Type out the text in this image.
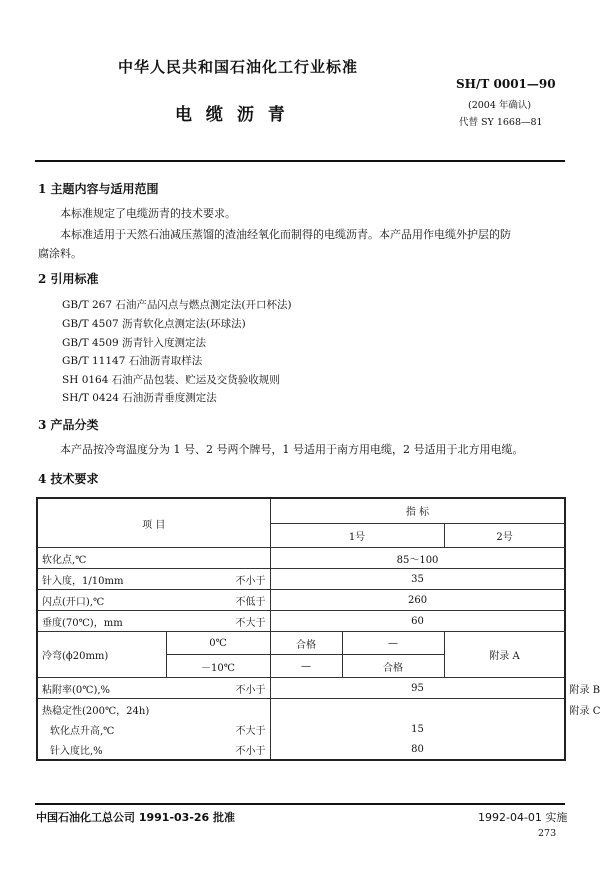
中华人民共和国石油化工行业标准
SH/T 0001—90
电 缆 沥 青	(2004 年确认)
代替 SY 1668—81
1 主题内容与适用范围
本标准规定了电缆沥青的技术要求。
本标准适用于天然石油减压蒸馏的渣油经氧化而制得的电缆沥青。本产品用作电缆外护层的防
腐涂料。
2 引用标准
GB/T 267 石油产品闪点与燃点测定法(开口杯法)
GB/T 4507 沥青软化点测定法(环球法)
GB/T 4509 沥青针入度测定法
GB/T 11147 石油沥青取样法
SH 0164 石油产品包装、贮运及交货验收规则
SH/T 0424 石油沥青垂度测定法
3 产品分类
本产品按冷弯温度分为 1 号、2 号两个牌号，1 号适用于南方用电缆，2 号适用于北方用电缆。
4 技术要求
项 目		指 标			
		1号		2号	
软化点,℃		85～100			
针入度，1/10mm 不小于		35			
闪点(开口),℃ 不低于		260			
垂度(70℃)，mm 不大于		60			
冷弯(ϕ20mm)	0℃	合格	—	附录 A	
	－10℃	—	合格		
粘附率(0℃),% 不小于		95			附录 B
热稳定性(200℃，24h)					附录 C
软化点升高,℃ 不大于		15			
针入度比,% 不小于		80			
中国石油化工总公司 1991-03-26 批准	1992-04-01 实施
273
